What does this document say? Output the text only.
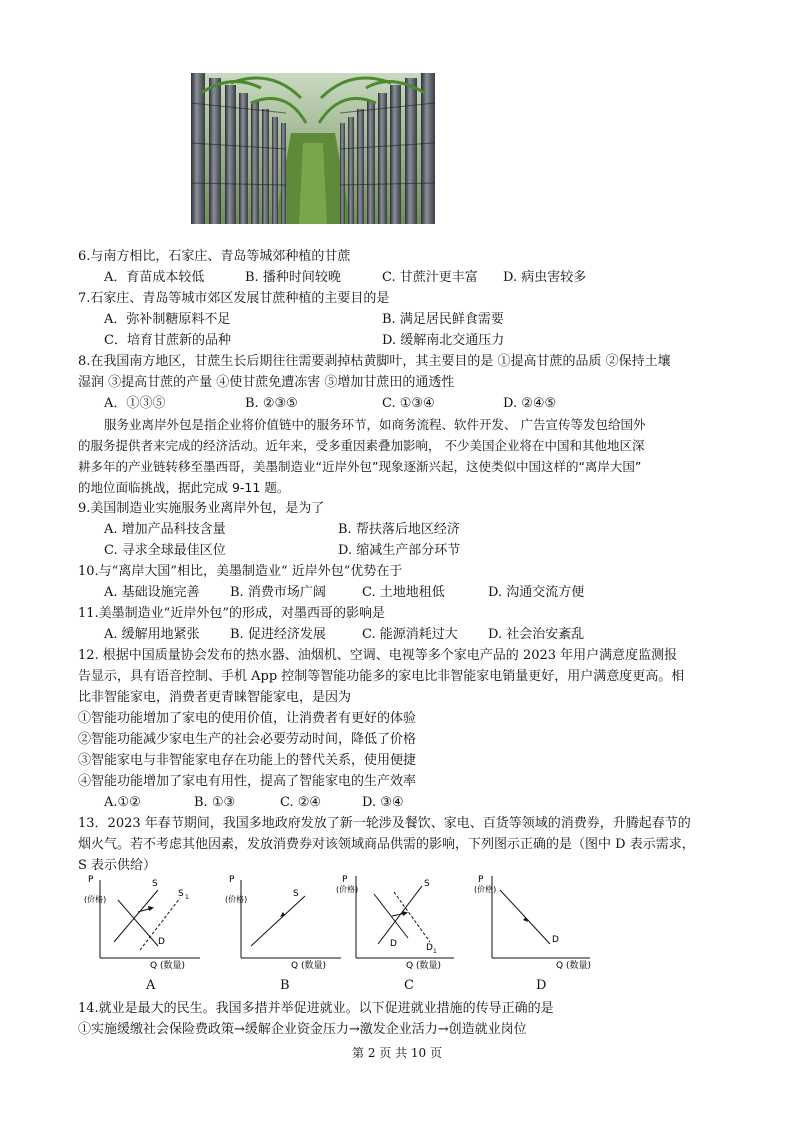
6.与南方相比，石家庄、青岛等城郊种植的甘蔗
A．育苗成本较低	B. 播种时间较晚	C. 甘蔗汁更丰富 D. 病虫害较多
7.石家庄、青岛等城市郊区发展甘蔗种植的主要目的是
A．弥补制糖原料不足	B. 满足居民鲜食需要
C．培育甘蔗新的品种	D. 缓解南北交通压力
8.在我国南方地区，甘蔗生长后期往往需要剥掉枯黄脚叶，其主要目的是 ①提高甘蔗的品质 ②保持土壤
湿润 ③提高甘蔗的产量 ④使甘蔗免遭冻害 ⑤增加甘蔗田的通透性
A．①③⑤	B. ②③⑤	C. ①③④	D. ②④⑤
服务业离岸外包是指企业将价值链中的服务环节，如商务流程、软件开发、 广告宣传等发包给国外
的服务提供者来完成的经济活动。近年来，受多重因素叠加影响， 不少美国企业将在中国和其他地区深
耕多年的产业链转移至墨西哥，美墨制造业“近岸外包”现象逐渐兴起，这使类似中国这样的“离岸大国”
的地位面临挑战，据此完成 9-11 题。
9.美国制造业实施服务业离岸外包，是为了
A. 增加产品科技含量	B. 帮扶落后地区经济
C. 寻求全球最佳区位	D. 缩减生产部分环节
10.与“离岸大国”相比，美墨制造业“ 近岸外包”优势在于
A. 基础设施完善 B. 消费市场广阔	C. 土地地租低	D. 沟通交流方便
11.美墨制造业“近岸外包”的形成，对墨西哥的影响是
A. 缓解用地紧张 B. 促进经济发展	C. 能源消耗过大 D. 社会治安紊乱
12. 根据中国质量协会发布的热水器、油烟机、空调、电视等多个家电产品的 2023 年用户满意度监测报
告显示，具有语音控制、手机 App 控制等智能功能多的家电比非智能家电销量更好，用户满意度更高。相
比非智能家电，消费者更青睐智能家电，是因为
①智能功能增加了家电的使用价值，让消费者有更好的体验
②智能功能减少家电生产的社会必要劳动时间，降低了价格
③智能家电与非智能家电存在功能上的替代关系，使用便捷
④智能功能增加了家电有用性，提高了智能家电的生产效率
A.①②	B. ①③	C. ②④	D. ③④
13．2023 年春节期间，我国多地政府发放了新一轮涉及餐饮、家电、百货等领域的消费券，升腾起春节的
烟火气。若不考虑其他因素，发放消费券对该领域商品供需的影响，下列图示正确的是（图中 D 表示需求，
S 表示供给）
P
(价格)
S
S 1
D
Q (数量)
A
P
(价格)
S
Q (数量)
B
P
(价格)
S
D	D 1
Q (数量)
C
P
(价格)
D
Q (数量)
D
14.就业是最大的民生。我国多措并举促进就业。以下促进就业措施的传导正确的是
①实施缓缴社会保险费政策→缓解企业资金压力→激发企业活力→创造就业岗位
第 2 页 共 10 页
